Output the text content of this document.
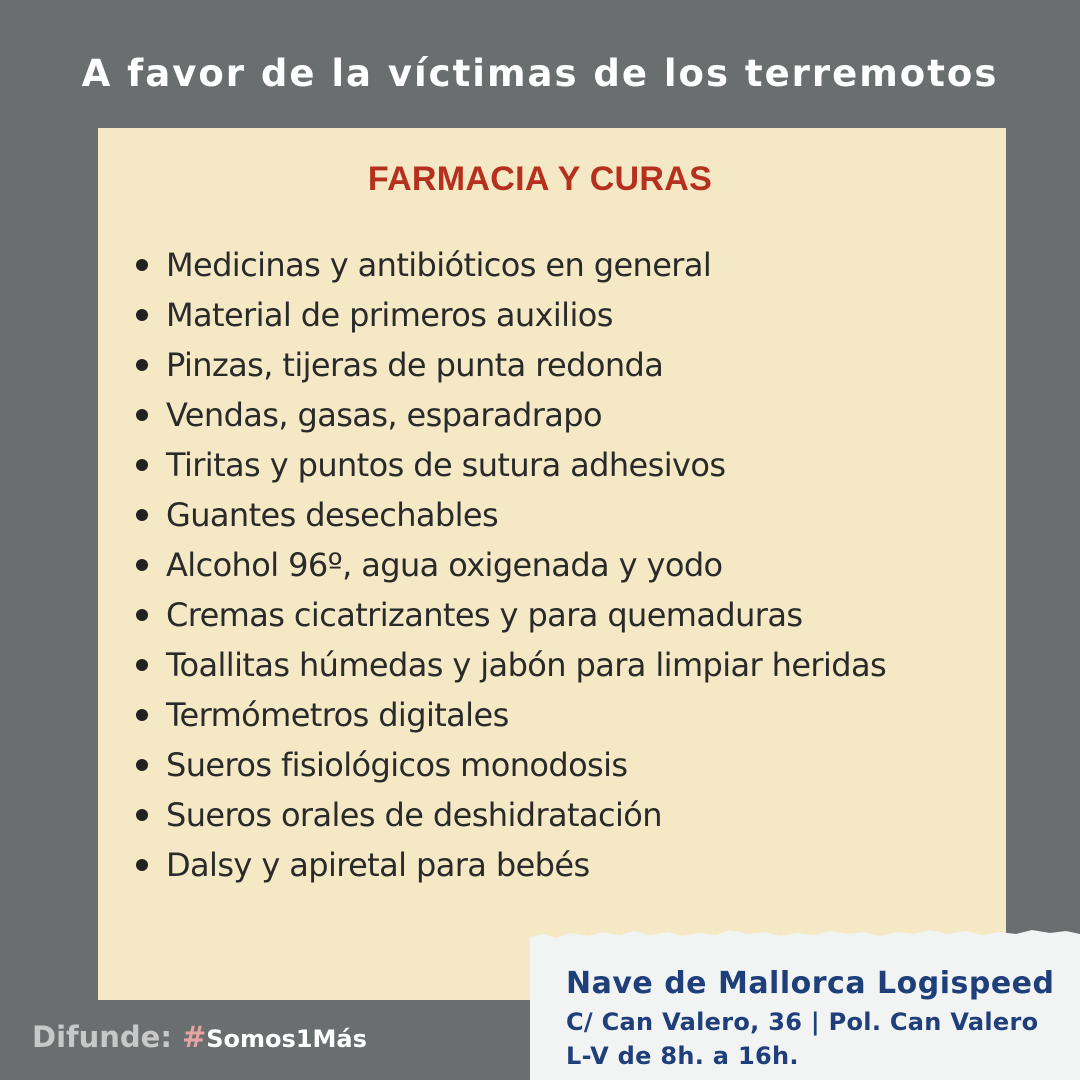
A favor de la víctimas de los terremotos
FARMACIA Y CURAS
Medicinas y antibióticos en general
Material de primeros auxilios
Pinzas, tijeras de punta redonda
Vendas, gasas, esparadrapo
Tiritas y puntos de sutura adhesivos
Guantes desechables
Alcohol 96º, agua oxigenada y yodo
Cremas cicatrizantes y para quemaduras
Toallitas húmedas y jabón para limpiar heridas
Termómetros digitales
Sueros fisiológicos monodosis
Sueros orales de deshidratación
Dalsy y apiretal para bebés
Nave de Mallorca Logispeed
C/ Can Valero, 36 | Pol. Can Valero
L-V de 8h. a 16h.
Difunde: #Somos1Más
